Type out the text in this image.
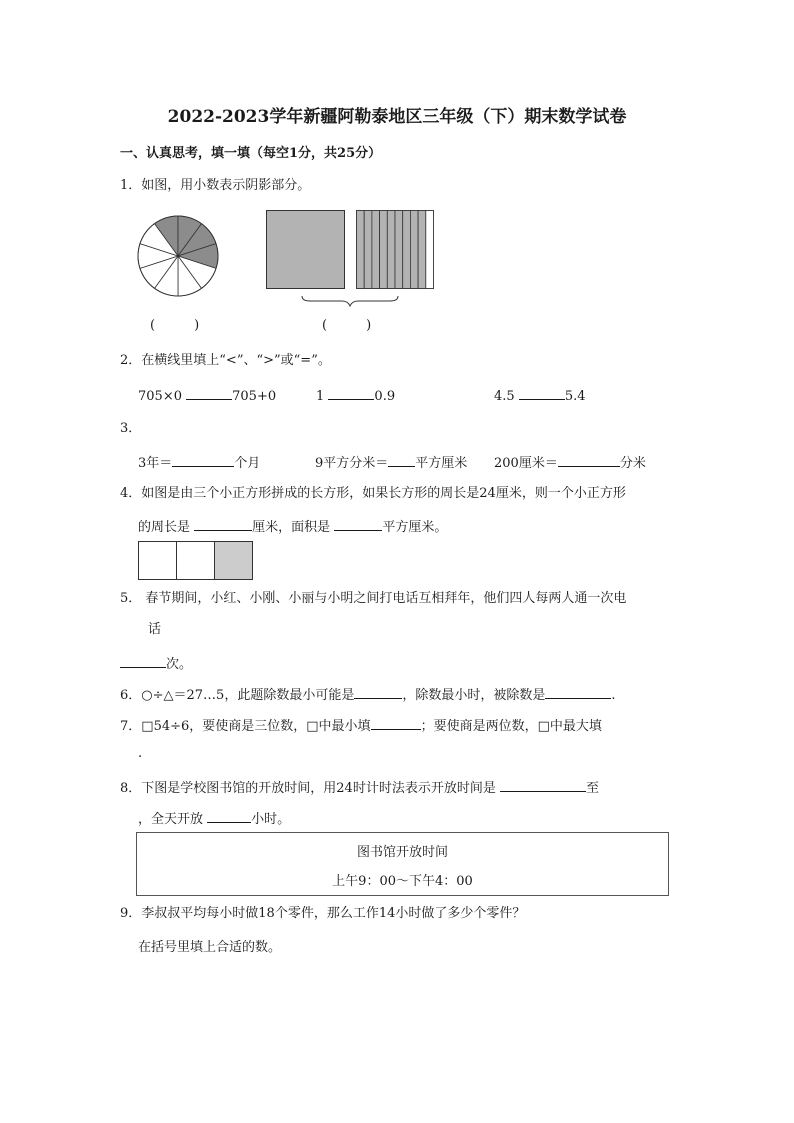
2022-2023学年新疆阿勒泰地区三年级（下）期末数学试卷
一、认真思考，填一填（每空1分，共25分）
1．如图，用小数表示阴影部分。
(　　　)	(　　　)
2．在横线里填上“<”、“>”或“=”。
705×0	705+0	1	0.9	4.5	5.4
3．
3年＝	个月	9平方分米＝ 平方厘米 200厘米＝	分米
4．如图是由三个小正方形拼成的长方形，如果长方形的周长是24厘米，则一个小正方形
的周长是	厘米，面积是	平方厘米。
5． 春节期间，小红、小刚、小丽与小明之间打电话互相拜年，他们四人每两人通一次电
话
次。
6．○÷△＝27…5，此题除数最小可能是	，除数最小时，被除数是	.
7．□54÷6，要使商是三位数，□中最小填	；要使商是两位数，□中最大填
.
8．下图是学校图书馆的开放时间，用24时计时法表示开放时间是	至
，全天开放	小时。
图书馆开放时间
上午9：00～下午4：00
9．李叔叔平均每小时做18个零件，那么工作14小时做了多少个零件？
在括号里填上合适的数。
